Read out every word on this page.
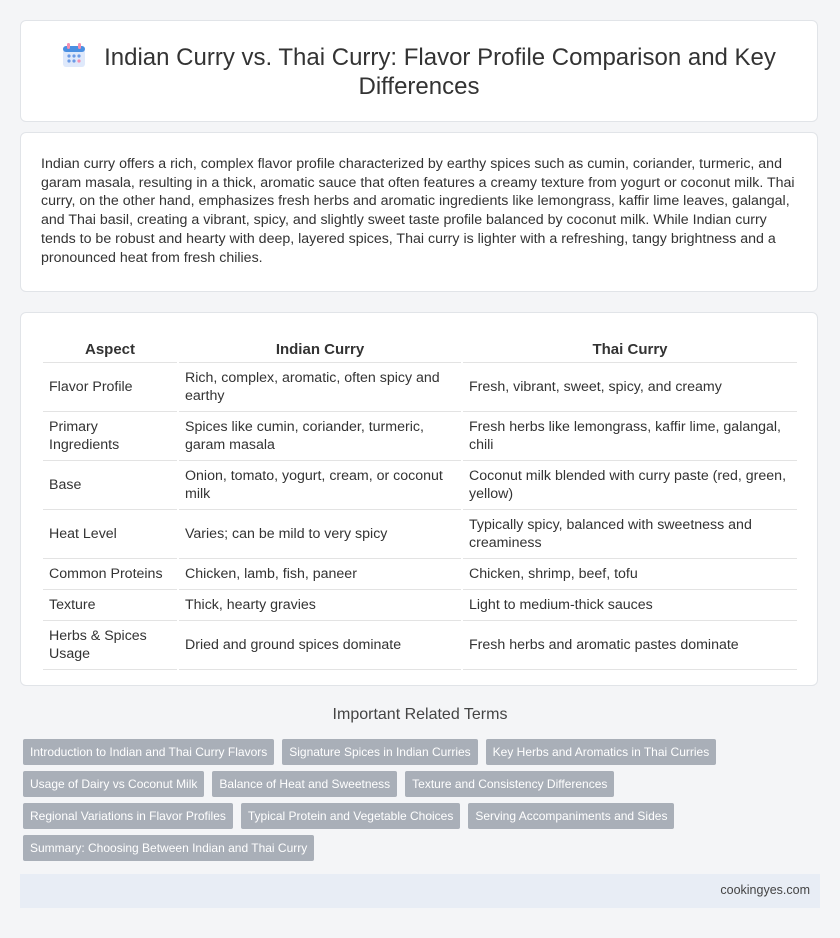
Indian Curry vs. Thai Curry: Flavor Profile Comparison and Key Differences

Indian curry offers a rich, complex flavor profile characterized by earthy spices such as cumin, coriander, turmeric, and garam masala, resulting in a thick, aromatic sauce that often features a creamy texture from yogurt or coconut milk. Thai curry, on the other hand, emphasizes fresh herbs and aromatic ingredients like lemongrass, kaffir lime leaves, galangal, and Thai basil, creating a vibrant, spicy, and slightly sweet taste profile balanced by coconut milk. While Indian curry tends to be robust and hearty with deep, layered spices, Thai curry is lighter with a refreshing, tangy brightness and a pronounced heat from fresh chilies.

Aspect	Indian Curry	Thai Curry
Flavor Profile	Rich, complex, aromatic, often spicy and earthy	Fresh, vibrant, sweet, spicy, and creamy
Primary Ingredients	Spices like cumin, coriander, turmeric, garam masala	Fresh herbs like lemongrass, kaffir lime, galangal, chili
Base	Onion, tomato, yogurt, cream, or coconut milk	Coconut milk blended with curry paste (red, green, yellow)
Heat Level	Varies; can be mild to very spicy	Typically spicy, balanced with sweetness and creaminess
Common Proteins	Chicken, lamb, fish, paneer	Chicken, shrimp, beef, tofu
Texture	Thick, hearty gravies	Light to medium-thick sauces
Herbs & Spices Usage	Dried and ground spices dominate	Fresh herbs and aromatic pastes dominate
Important Related Terms
Introduction to Indian and Thai Curry Flavors	Signature Spices in Indian Curries	Key Herbs and Aromatics in Thai Curries
Usage of Dairy vs Coconut Milk	Balance of Heat and Sweetness	Texture and Consistency Differences
Regional Variations in Flavor Profiles	Typical Protein and Vegetable Choices	Serving Accompaniments and Sides
Summary: Choosing Between Indian and Thai Curry
cookingyes.com
